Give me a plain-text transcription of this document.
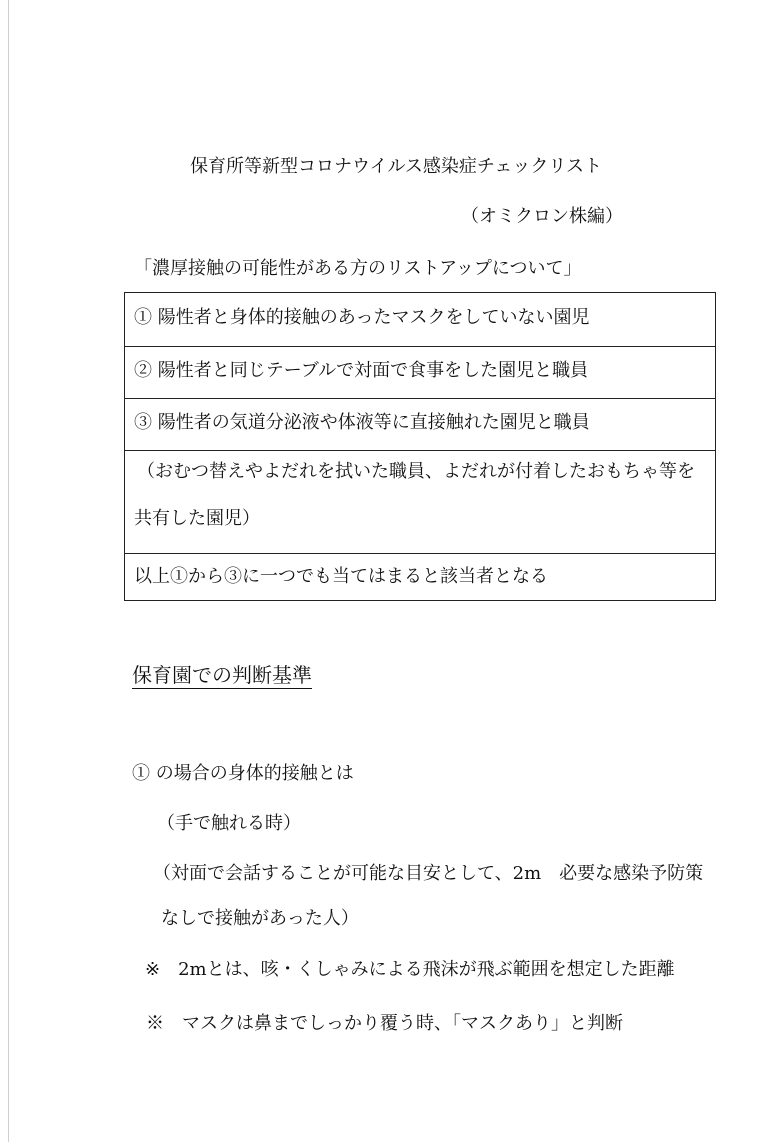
保育所等新型コロナウイルス感染症チェックリスト
（オミクロン株編）
「濃厚接触の可能性がある方のリストアップについて」
① 陽性者と身体的接触のあったマスクをしていない園児
② 陽性者と同じテーブルで対面で食事をした園児と職員
③ 陽性者の気道分泌液や体液等に直接触れた園児と職員
（おむつ替えやよだれを拭いた職員、よだれが付着したおもちゃ等を
共有した園児）
以上①から③に一つでも当てはまると該当者となる
保育園での判断基準
① の場合の身体的接触とは
（手で触れる時）
（対面で会話することが可能な目安として、2m　必要な感染予防策
なしで接触があった人）
※　2mとは、咳・くしゃみによる飛沫が飛ぶ範囲を想定した距離
※　マスクは鼻までしっかり覆う時、「マスクあり」と判断
